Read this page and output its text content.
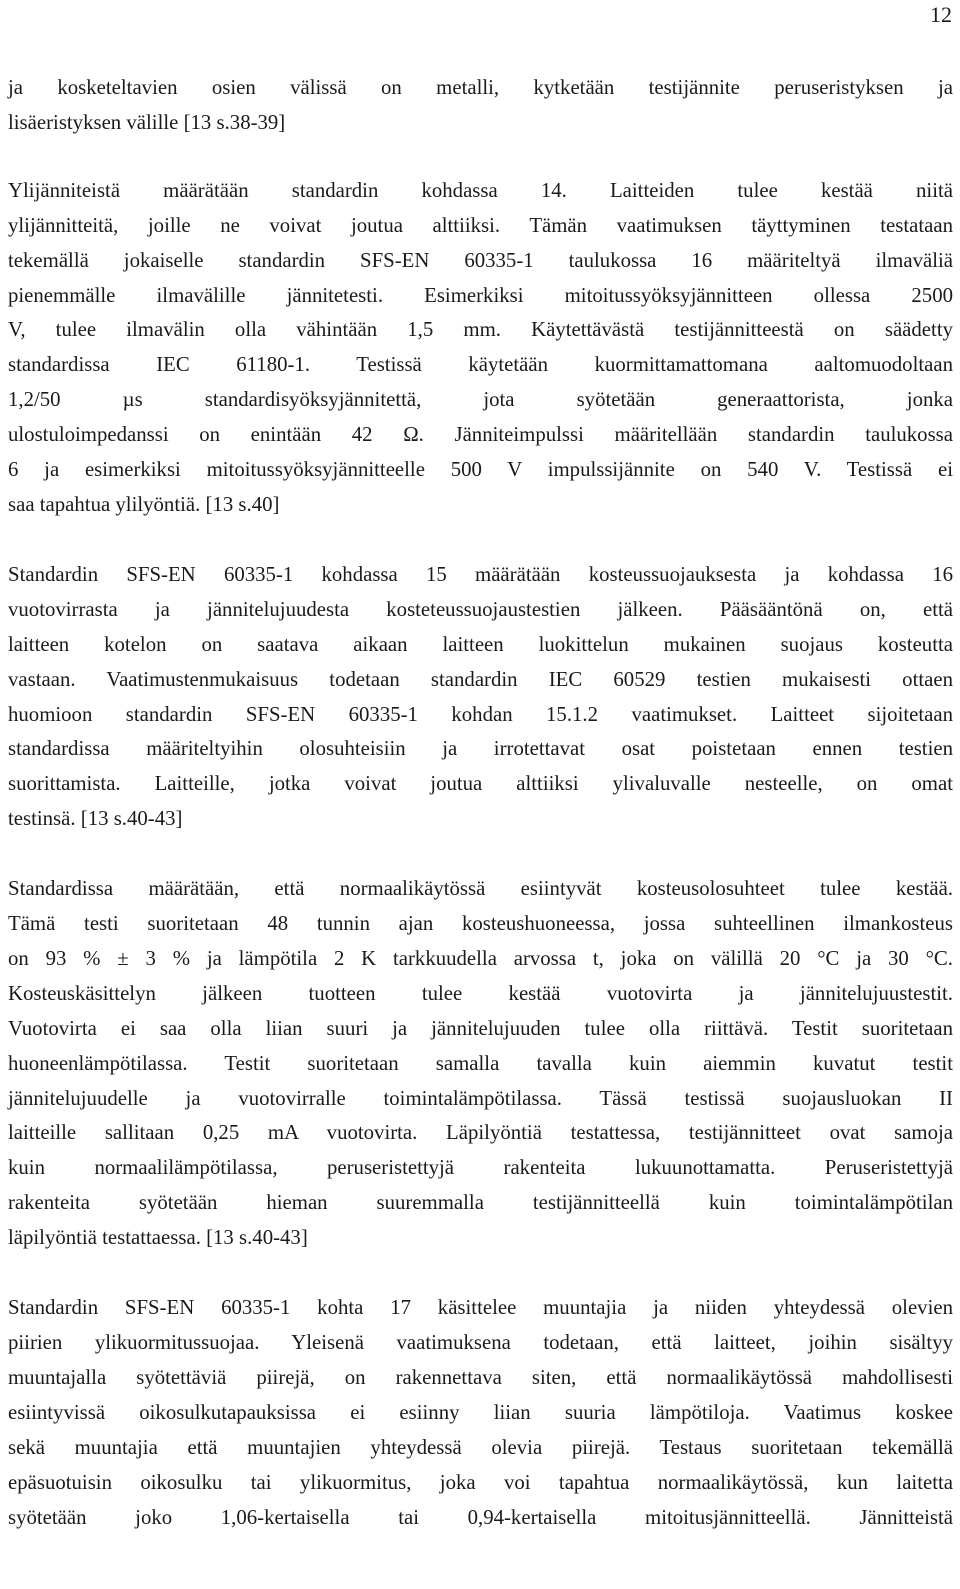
12

ja kosketeltavien osien välissä on metalli, kytketään testijännite peruseristyksen ja
lisäeristyksen välille [13 s.38-39]

Ylijänniteistä määrätään standardin kohdassa 14. Laitteiden tulee kestää niitä
ylijännitteitä, joille ne voivat joutua alttiiksi. Tämän vaatimuksen täyttyminen testataan
tekemällä jokaiselle standardin SFS-EN 60335-1 taulukossa 16 määriteltyä ilmaväliä
pienemmälle ilmavälille jännitetesti. Esimerkiksi mitoitussyöksyjännitteen ollessa 2500
V, tulee ilmavälin olla vähintään 1,5 mm. Käytettävästä testijännitteestä on säädetty
standardissa IEC 61180-1. Testissä käytetään kuormittamattomana aaltomuodoltaan
1,2/50 µs standardisyöksyjännitettä, jota syötetään generaattorista, jonka
ulostuloimpedanssi on enintään 42 Ω. Jänniteimpulssi määritellään standardin taulukossa
6 ja esimerkiksi mitoitussyöksyjännitteelle 500 V impulssijännite on 540 V. Testissä ei
saa tapahtua ylilyöntiä. [13 s.40]

Standardin SFS-EN 60335-1 kohdassa 15 määrätään kosteussuojauksesta ja kohdassa 16
vuotovirrasta ja jännitelujuudesta kosteteussuojaustestien jälkeen. Pääsääntönä on, että
laitteen kotelon on saatava aikaan laitteen luokittelun mukainen suojaus kosteutta
vastaan. Vaatimustenmukaisuus todetaan standardin IEC 60529 testien mukaisesti ottaen
huomioon standardin SFS-EN 60335-1 kohdan 15.1.2 vaatimukset. Laitteet sijoitetaan
standardissa määriteltyihin olosuhteisiin ja irrotettavat osat poistetaan ennen testien
suorittamista. Laitteille, jotka voivat joutua alttiiksi ylivaluvalle nesteelle, on omat
testinsä. [13 s.40-43]

Standardissa määrätään, että normaalikäytössä esiintyvät kosteusolosuhteet tulee kestää.
Tämä testi suoritetaan 48 tunnin ajan kosteushuoneessa, jossa suhteellinen ilmankosteus
on 93 % ± 3 % ja lämpötila 2 K tarkkuudella arvossa t, joka on välillä 20 °C ja 30 °C.
Kosteuskäsittelyn jälkeen tuotteen tulee kestää vuotovirta ja jännitelujuustestit.
Vuotovirta ei saa olla liian suuri ja jännitelujuuden tulee olla riittävä. Testit suoritetaan
huoneenlämpötilassa. Testit suoritetaan samalla tavalla kuin aiemmin kuvatut testit
jännitelujuudelle ja vuotovirralle toimintalämpötilassa. Tässä testissä suojausluokan II
laitteille sallitaan 0,25 mA vuotovirta. Läpilyöntiä testattessa, testijännitteet ovat samoja
kuin normaalilämpötilassa, peruseristettyjä rakenteita lukuunottamatta. Peruseristettyjä
rakenteita syötetään hieman suuremmalla testijännitteellä kuin toimintalämpötilan
läpilyöntiä testattaessa. [13 s.40-43]

Standardin SFS-EN 60335-1 kohta 17 käsittelee muuntajia ja niiden yhteydessä olevien
piirien ylikuormitussuojaa. Yleisenä vaatimuksena todetaan, että laitteet, joihin sisältyy
muuntajalla syötettäviä piirejä, on rakennettava siten, että normaalikäytössä mahdollisesti
esiintyvissä oikosulkutapauksissa ei esiinny liian suuria lämpötiloja. Vaatimus koskee
sekä muuntajia että muuntajien yhteydessä olevia piirejä. Testaus suoritetaan tekemällä
epäsuotuisin oikosulku tai ylikuormitus, joka voi tapahtua normaalikäytössä, kun laitetta
syötetään joko 1,06-kertaisella tai 0,94-kertaisella mitoitusjännitteellä. Jännitteistä
